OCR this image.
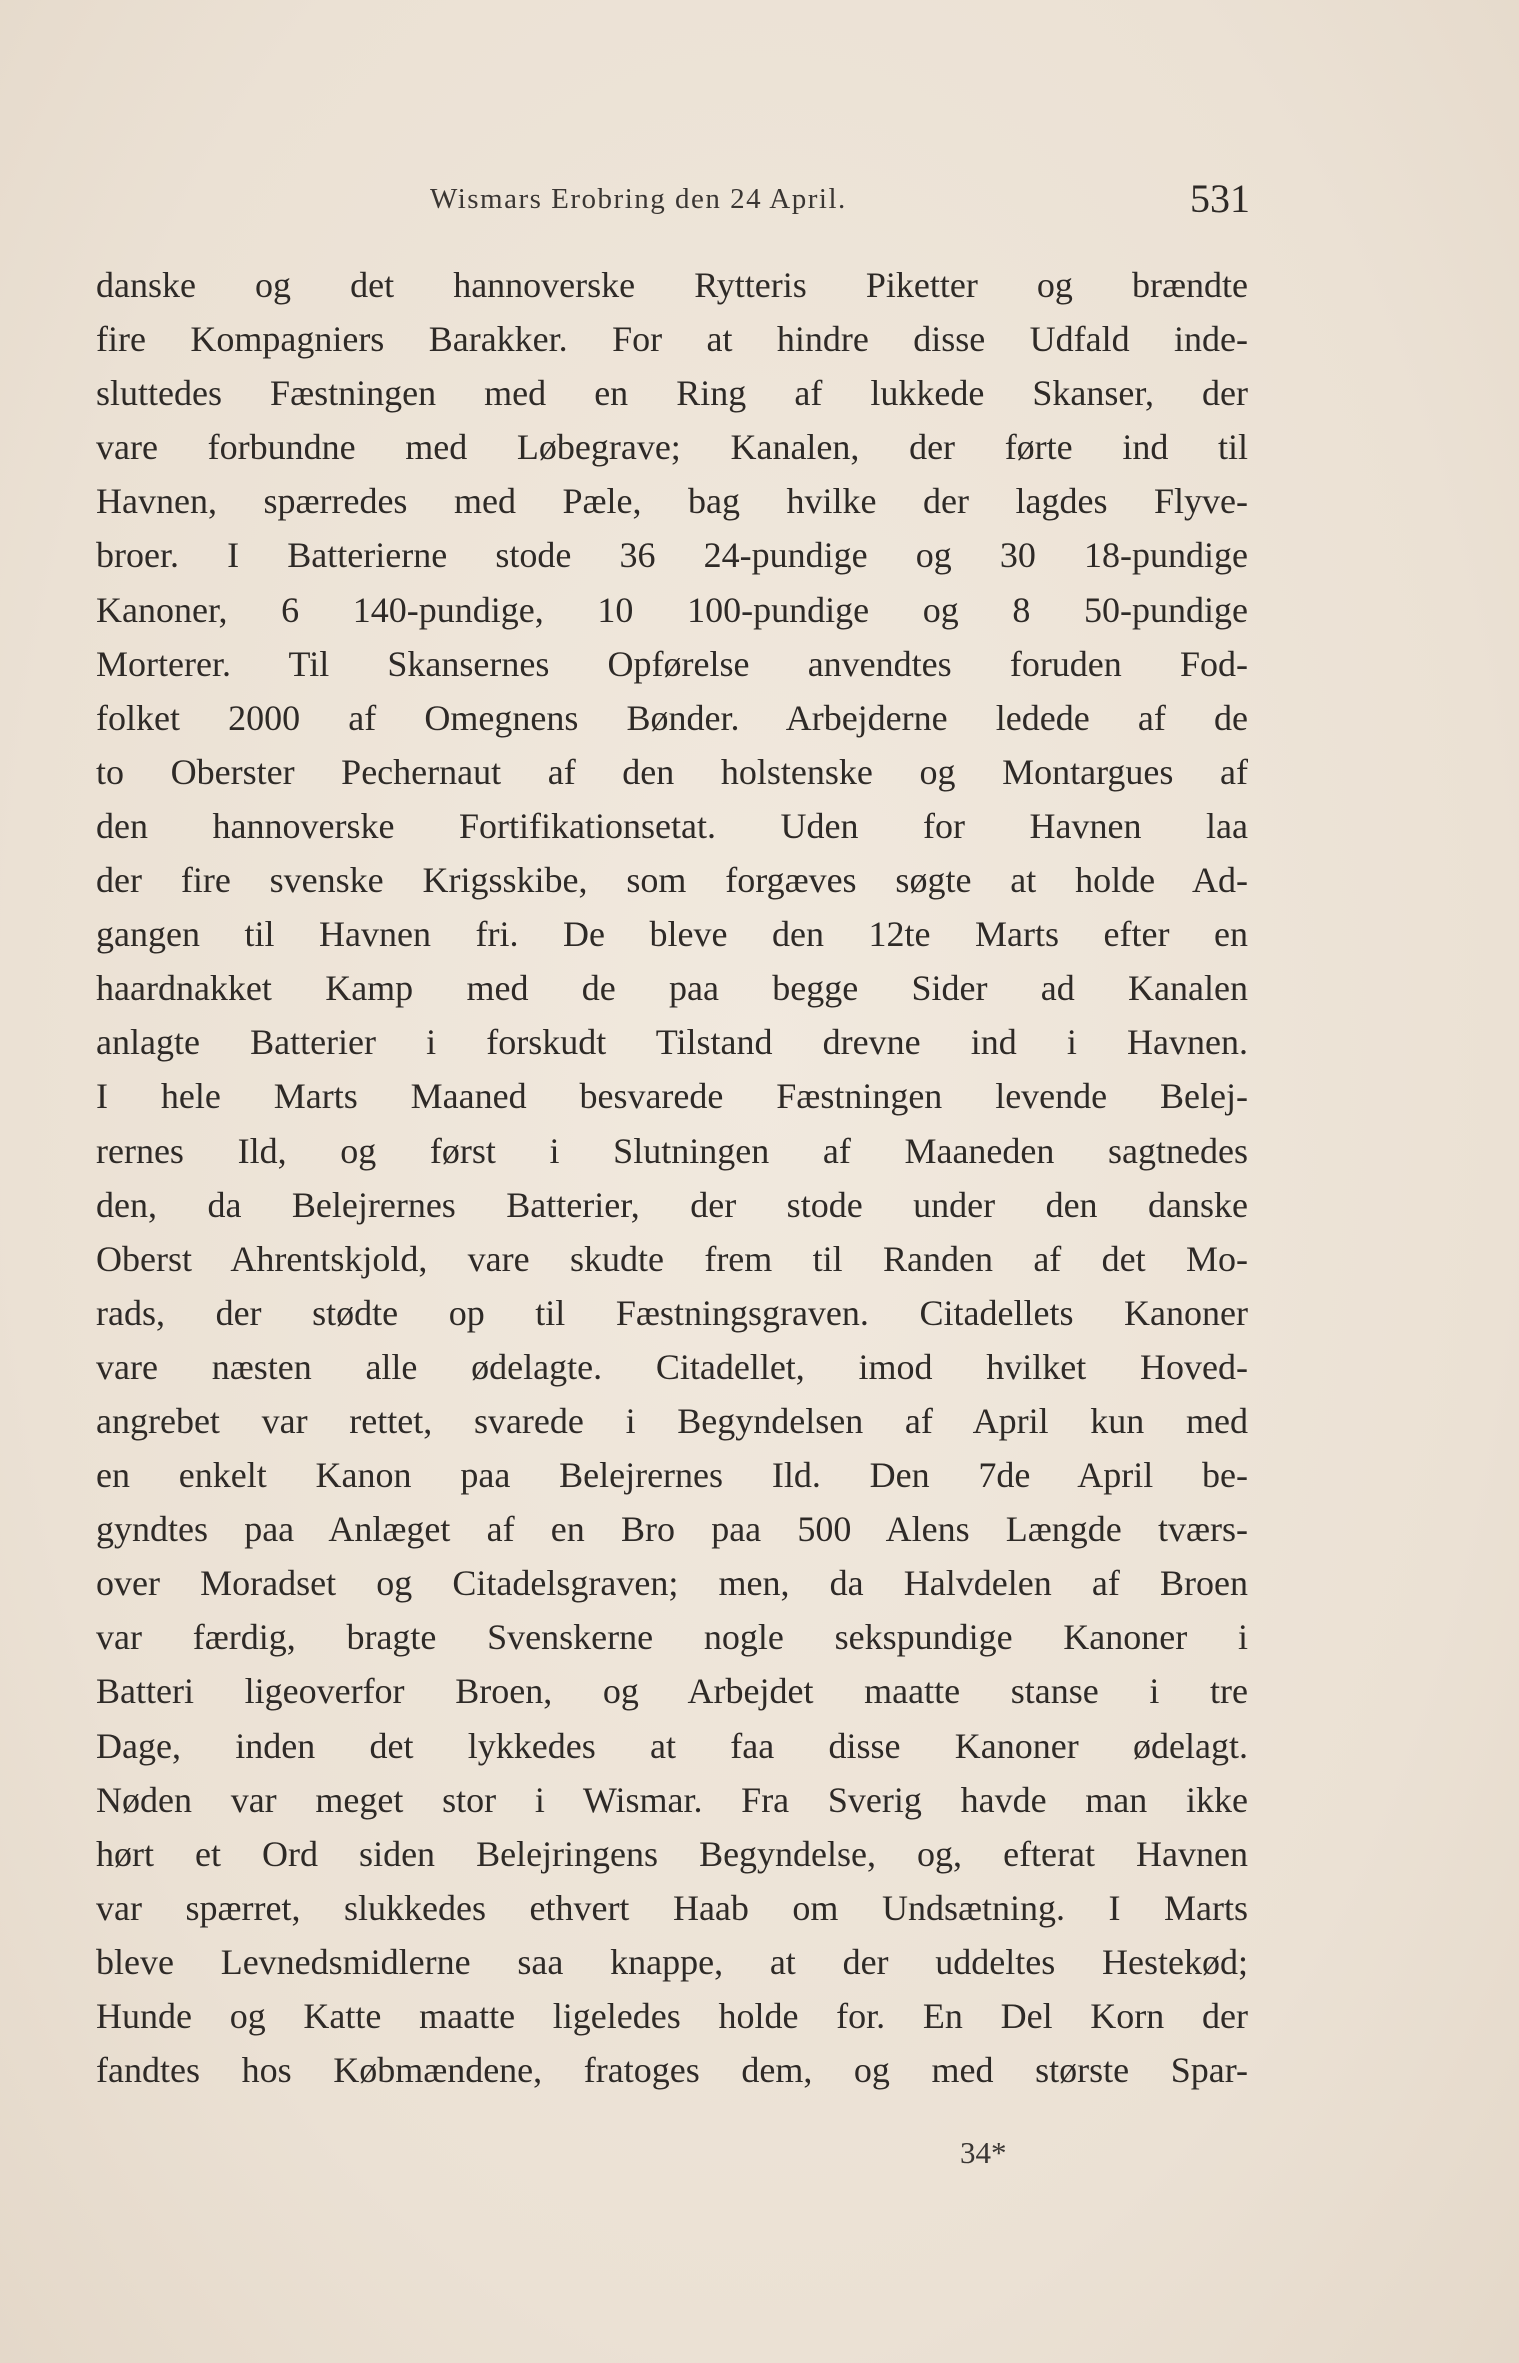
Wismars Erobring den 24 April.	531
danske og det hannoverske Rytteris Piketter og brændte
fire Kompagniers Barakker. For at hindre disse Udfald inde-
sluttedes Fæstningen med en Ring af lukkede Skanser, der
vare forbundne med Løbegrave; Kanalen, der førte ind til
Havnen, spærredes med Pæle, bag hvilke der lagdes Flyve-
broer. I Batterierne stode 36 24-pundige og 30 18-pundige
Kanoner, 6 140-pundige, 10 100-pundige og 8 50-pundige
Morterer. Til Skansernes Opførelse anvendtes foruden Fod-
folket 2000 af Omegnens Bønder. Arbejderne ledede af de
to Oberster Pechernaut af den holstenske og Montargues af
den hannoverske Fortifikationsetat. Uden for Havnen laa
der fire svenske Krigsskibe, som forgæves søgte at holde Ad-
gangen til Havnen fri. De bleve den 12te Marts efter en
haardnakket Kamp med de paa begge Sider ad Kanalen
anlagte Batterier i forskudt Tilstand drevne ind i Havnen.
I hele Marts Maaned besvarede Fæstningen levende Belej-
rernes Ild, og først i Slutningen af Maaneden sagtnedes
den, da Belejrernes Batterier, der stode under den danske
Oberst Ahrentskjold, vare skudte frem til Randen af det Mo-
rads, der stødte op til Fæstningsgraven. Citadellets Kanoner
vare næsten alle ødelagte. Citadellet, imod hvilket Hoved-
angrebet var rettet, svarede i Begyndelsen af April kun med
en enkelt Kanon paa Belejrernes Ild. Den 7de April be-
gyndtes paa Anlæget af en Bro paa 500 Alens Længde tværs-
over Moradset og Citadelsgraven; men, da Halvdelen af Broen
var færdig, bragte Svenskerne nogle sekspundige Kanoner i
Batteri ligeoverfor Broen, og Arbejdet maatte stanse i tre
Dage, inden det lykkedes at faa disse Kanoner ødelagt.
Nøden var meget stor i Wismar. Fra Sverig havde man ikke
hørt et Ord siden Belejringens Begyndelse, og, efterat Havnen
var spærret, slukkedes ethvert Haab om Undsætning. I Marts
bleve Levnedsmidlerne saa knappe, at der uddeltes Hestekød;
Hunde og Katte maatte ligeledes holde for. En Del Korn der
fandtes hos Købmændene, fratoges dem, og med største Spar-
34*
